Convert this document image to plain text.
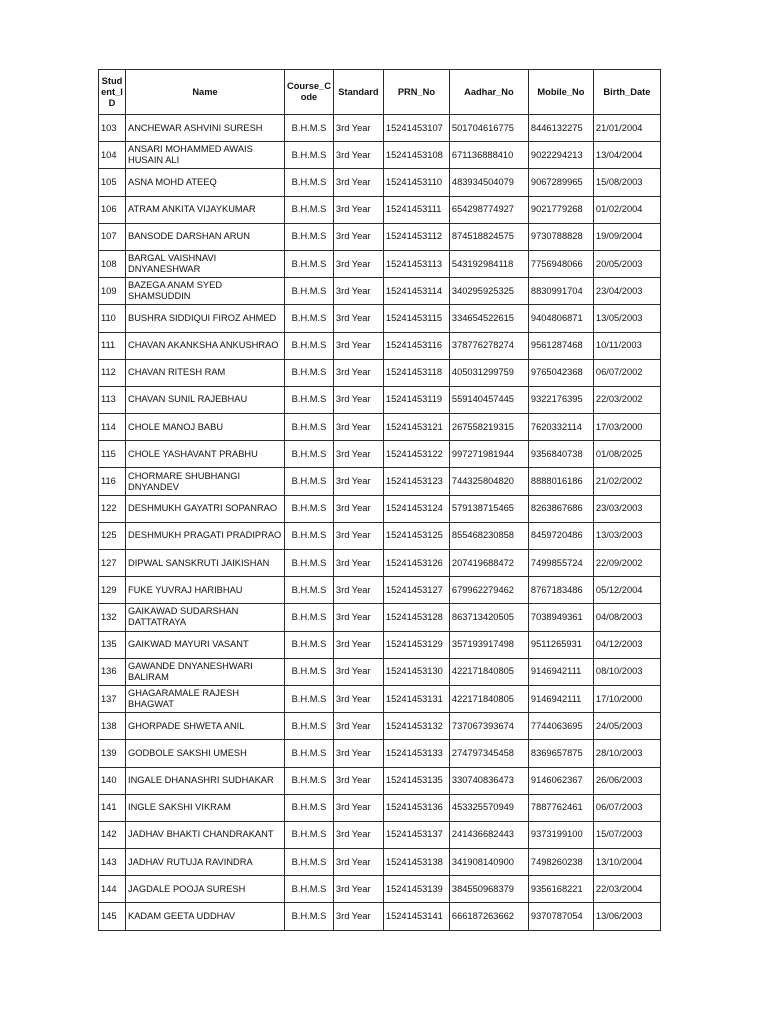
Stud ent_I D	Name	Course_C ode	Standard	PRN_No	Aadhar_No	Mobile_No	Birth_Date
103	ANCHEWAR ASHVINI SURESH	B.H.M.S	3rd Year	15241453107	501704616775	8446132275	21/01/2004
104	ANSARI MOHAMMED AWAIS HUSAIN ALI	B.H.M.S	3rd Year	15241453108	671136888410	9022294213	13/04/2004
105	ASNA MOHD ATEEQ	B.H.M.S	3rd Year	15241453110	483934504079	9067289965	15/08/2003
106	ATRAM ANKITA VIJAYKUMAR	B.H.M.S	3rd Year	15241453111	654298774927	9021779268	01/02/2004
107	BANSODE DARSHAN ARUN	B.H.M.S	3rd Year	15241453112	874518824575	9730788828	19/09/2004
108	BARGAL VAISHNAVI DNYANESHWAR	B.H.M.S	3rd Year	15241453113	543192984118	7756948066	20/05/2003
109	BAZEGA ANAM SYED SHAMSUDDIN	B.H.M.S	3rd Year	15241453114	340295925325	8830991704	23/04/2003
110	BUSHRA SIDDIQUI FIROZ AHMED	B.H.M.S	3rd Year	15241453115	334654522615	9404806871	13/05/2003
111	CHAVAN AKANKSHA ANKUSHRAO	B.H.M.S	3rd Year	15241453116	378776278274	9561287468	10/11/2003
112	CHAVAN RITESH RAM	B.H.M.S	3rd Year	15241453118	405031299759	9765042368	06/07/2002
113	CHAVAN SUNIL RAJEBHAU	B.H.M.S	3rd Year	15241453119	559140457445	9322176395	22/03/2002
114	CHOLE MANOJ BABU	B.H.M.S	3rd Year	15241453121	267558219315	7620332114	17/03/2000
115	CHOLE YASHAVANT PRABHU	B.H.M.S	3rd Year	15241453122	997271981944	9356840738	01/08/2025
116	CHORMARE SHUBHANGI DNYANDEV	B.H.M.S	3rd Year	15241453123	744325804820	8888016186	21/02/2002
122	DESHMUKH GAYATRI SOPANRAO	B.H.M.S	3rd Year	15241453124	579138715465	8263867686	23/03/2003
125	DESHMUKH PRAGATI PRADIPRAO	B.H.M.S	3rd Year	15241453125	855468230858	8459720486	13/03/2003
127	DIPWAL SANSKRUTI JAIKISHAN	B.H.M.S	3rd Year	15241453126	207419688472	7499855724	22/09/2002
129	FUKE YUVRAJ HARIBHAU	B.H.M.S	3rd Year	15241453127	679962279462	8767183486	05/12/2004
132	GAIKAWAD SUDARSHAN DATTATRAYA	B.H.M.S	3rd Year	15241453128	863713420505	7038949361	04/08/2003
135	GAIKWAD MAYURI VASANT	B.H.M.S	3rd Year	15241453129	357193917498	9511265931	04/12/2003
136	GAWANDE DNYANESHWARI BALIRAM	B.H.M.S	3rd Year	15241453130	422171840805	9146942111	08/10/2003
137	GHAGARAMALE RAJESH BHAGWAT	B.H.M.S	3rd Year	15241453131	422171840805	9146942111	17/10/2000
138	GHORPADE SHWETA ANIL	B.H.M.S	3rd Year	15241453132	737067393674	7744063695	24/05/2003
139	GODBOLE SAKSHI UMESH	B.H.M.S	3rd Year	15241453133	274797345458	8369657875	28/10/2003
140	INGALE DHANASHRI SUDHAKAR	B.H.M.S	3rd Year	15241453135	330740836473	9146062367	26/06/2003
141	INGLE SAKSHI VIKRAM	B.H.M.S	3rd Year	15241453136	453325570949	7887762461	06/07/2003
142	JADHAV BHAKTI CHANDRAKANT	B.H.M.S	3rd Year	15241453137	241436682443	9373199100	15/07/2003
143	JADHAV RUTUJA RAVINDRA	B.H.M.S	3rd Year	15241453138	341908140900	7498260238	13/10/2004
144	JAGDALE POOJA SURESH	B.H.M.S	3rd Year	15241453139	384550968379	9356168221	22/03/2004
145	KADAM GEETA UDDHAV	B.H.M.S	3rd Year	15241453141	666187263662	9370787054	13/06/2003
